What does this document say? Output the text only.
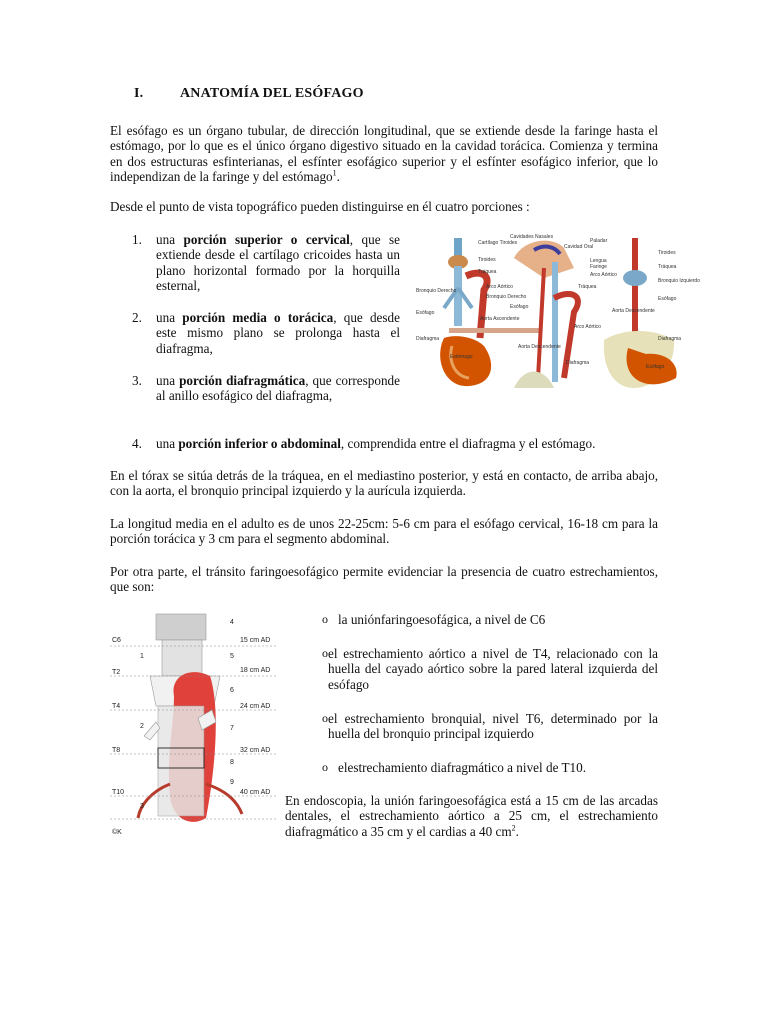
I.	ANATOMÍA DEL ESÓFAGO
El esófago es un órgano tubular, de dirección longitudinal, que se extiende desde la faringe hasta el estómago, por lo que es el único órgano digestivo situado en la cavidad torácica. Comienza y termina en dos estructuras esfinterianas, el esfínter esofágico superior y el esfínter esofágico inferior, que lo independizan de la faringe y del estómago$^1$.
Desde el punto de vista topográfico pueden distinguirse en él cuatro porciones :
1.	una porción superior o cervical, que se extiende desde el cartílago cricoides hasta un plano horizontal formado por la horquilla esternal,
2.	una porción media o torácica, que desde este mismo plano se prolonga hasta el diafragma,
3.	una porción diafragmática, que corresponde al anillo esofágico del diafragma,
4.	una porción inferior o abdominal, comprendida entre el diafragma y el estómago.
Cartílago Tiroides
Tiroides
Tráquea
Bronquio Derecho
Esófago
Diafragma
Arco Aórtico
Bronquio Derecho
Aorta Ascendente
Estómago
Cavidades Nasales
Cavidad Oral
Paladar
Lengua
Faringe
Arco Aórtico
Tráquea
Esófago
Arco Aórtico
Aorta Descendente
Diafragma
Tiroides
Tráquea
Bronquio Izquierdo
Esófago
Aorta Descendente
Diafragma
Esófago
En el tórax se sitúa detrás de la tráquea, en el mediastino posterior, y está en contacto, de arriba abajo, con la aorta, el bronquio principal izquierdo y la aurícula izquierda.
La longitud media en el adulto es de unos 22-25cm: 5-6 cm para el esófago cervical, 16-18 cm para la porción torácica y 3 cm para el segmento abdominal.
Por otra parte, el tránsito faringoesofágico permite evidenciar la presencia de cuatro estrechamientos, que son:
C6
T2
T4
T8
T10
1
2
3
4
5
6
7
8
9
15 cm AD
18 cm AD
24 cm AD
32 cm AD
40 cm AD
©K
o la uniónfaringoesofágica, a nivel de C6
o el estrechamiento aórtico a nivel de T4, relacionado con la huella del cayado aórtico sobre la pared lateral izquierda del esófago
o el estrechamiento bronquial, nivel T6, determinado por la huella del bronquio principal izquierdo
o elestrechamiento diafragmático a nivel de T10.
En endoscopia, la unión faringoesofágica está a 15 cm de las arcadas dentales, el estrechamiento aórtico a 25 cm, el estrechamiento diafragmático a 35 cm y el cardias a 40 $cm^2$.
